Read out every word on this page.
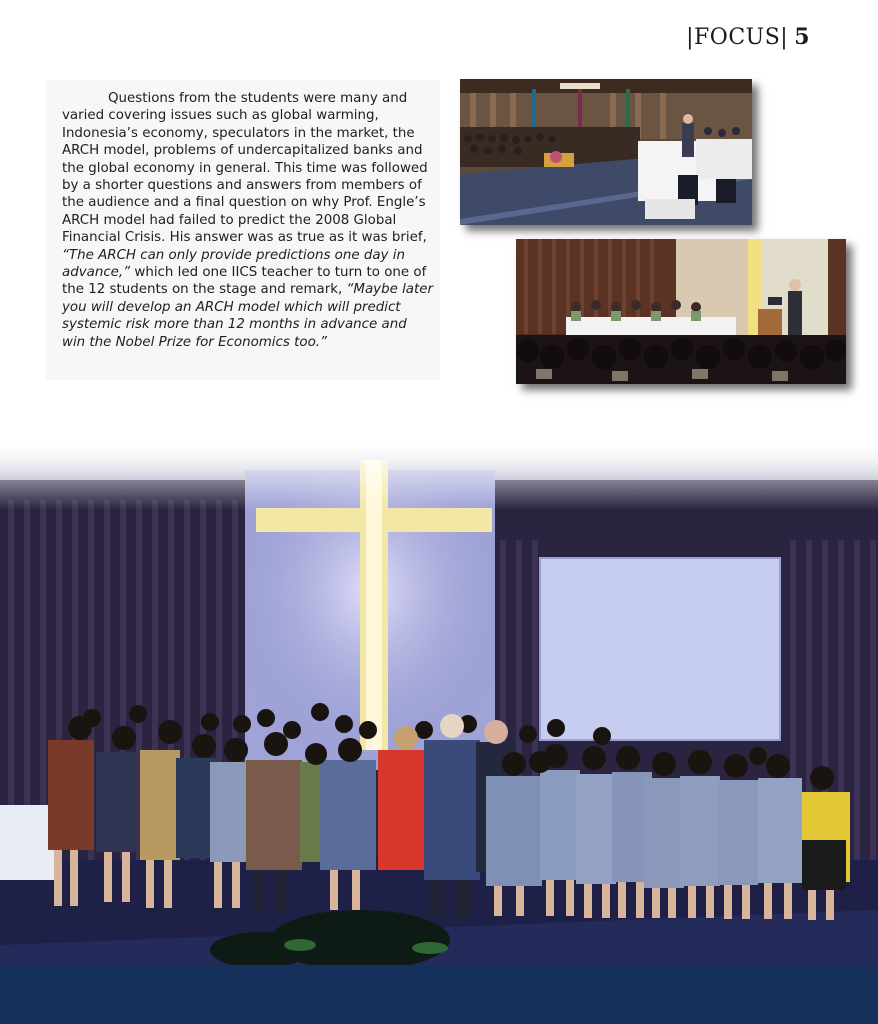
|FOCUS| 5

Questions from the students were many and varied covering issues such as global warming, Indonesia’s economy, speculators in the market, the ARCH model, problems of undercapitalized banks and the global economy in general. This time was followed by a shorter questions and answers from members of the audience and a final question on why Prof. Engle’s ARCH model had failed to predict the 2008 Global Financial Crisis. His answer was as true as it was brief, “The ARCH can only provide predictions one day in advance,” which led one IICS teacher to turn to one of the 12 students on the stage and remark, “Maybe later you will develop an ARCH model which will predict systemic risk more than 12 months in advance and win the Nobel Prize for Economics too.”
